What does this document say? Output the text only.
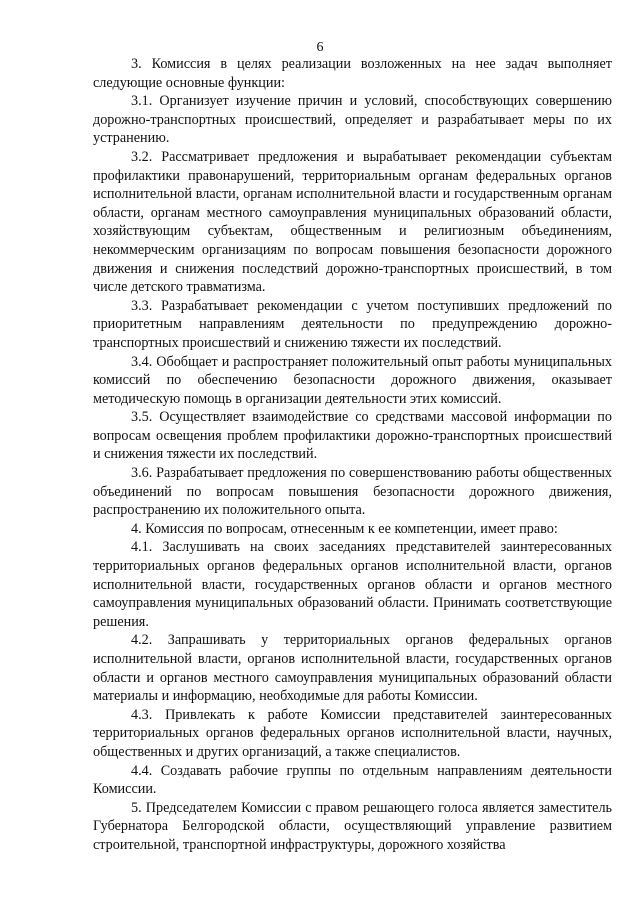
6

3. Комиссия в целях реализации возложенных на нее задач выполняет следующие основные функции:

3.1. Организует изучение причин и условий, способствующих совершению дорожно-транспортных происшествий, определяет и разрабатывает меры по их устранению.

3.2. Рассматривает предложения и вырабатывает рекомендации субъектам профилактики правонарушений, территориальным органам федеральных органов исполнительной власти, органам исполнительной власти и государственным органам области, органам местного самоуправления муниципальных образований области, хозяйствующим субъектам, общественным и религиозным объединениям, некоммерческим организациям по вопросам повышения безопасности дорожного движения и снижения последствий дорожно-транспортных происшествий, в том числе детского травматизма.

3.3. Разрабатывает рекомендации с учетом поступивших предложений по приоритетным направлениям деятельности по предупреждению дорожно-транспортных происшествий и снижению тяжести их последствий.

3.4. Обобщает и распространяет положительный опыт работы муниципальных комиссий по обеспечению безопасности дорожного движения, оказывает методическую помощь в организации деятельности этих комиссий.

3.5. Осуществляет взаимодействие со средствами массовой информации по вопросам освещения проблем профилактики дорожно-транспортных происшествий и снижения тяжести их последствий.

3.6. Разрабатывает предложения по совершенствованию работы общественных объединений по вопросам повышения безопасности дорожного движения, распространению их положительного опыта.

4. Комиссия по вопросам, отнесенным к ее компетенции, имеет право:

4.1. Заслушивать на своих заседаниях представителей заинтересованных территориальных органов федеральных органов исполнительной власти, органов исполнительной власти, государственных органов области и органов местного самоуправления муниципальных образований области. Принимать соответствующие решения.

4.2. Запрашивать у территориальных органов федеральных органов исполнительной власти, органов исполнительной власти, государственных органов области и органов местного самоуправления муниципальных образований области материалы и информацию, необходимые для работы Комиссии.

4.3. Привлекать к работе Комиссии представителей заинтересованных территориальных органов федеральных органов исполнительной власти, научных, общественных и других организаций, а также специалистов.

4.4. Создавать рабочие группы по отдельным направлениям деятельности Комиссии.

5. Председателем Комиссии с правом решающего голоса является заместитель Губернатора Белгородской области, осуществляющий управление развитием строительной, транспортной инфраструктуры, дорожного хозяйства
